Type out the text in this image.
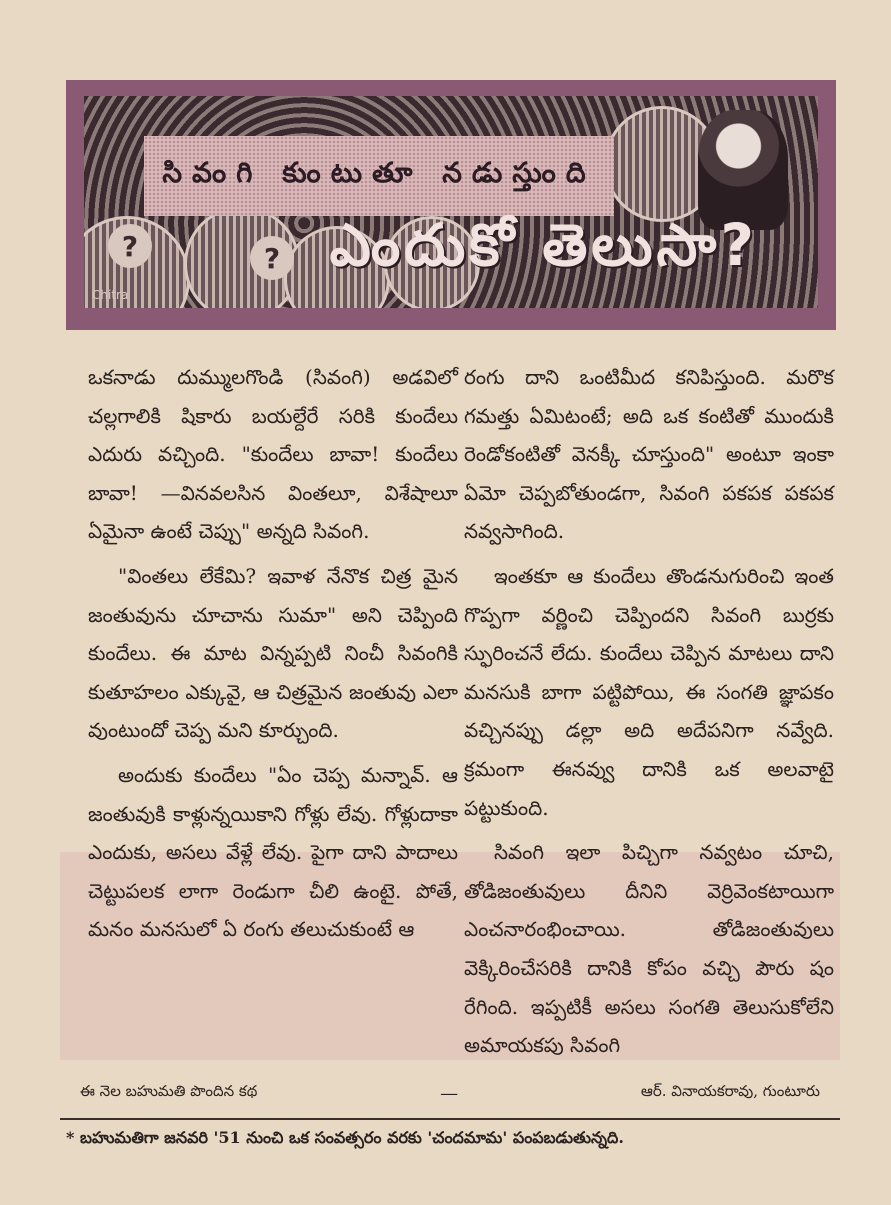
?	?
సివంగి కుంటుతూ నడుస్తుంది
ఎందుకో తెలుసా?
Chitra

ఒకనాడు దుమ్ములగొండి (సివంగి) అడవిలో చల్లగాలికి షికారు బయల్దేరే సరికి కుందేలు ఎదురు వచ్చింది. "కుందేలు బావా! కుందేలు బావా! —వినవలసిన వింతలూ, విశేషాలూ ఏమైనా ఉంటే చెప్పు" అన్నది సివంగి.

"వింతలు లేకేమి? ఇవాళ నేనొక చిత్ర మైన జంతువును చూచాను సుమా" అని చెప్పింది కుందేలు. ఈ మాట విన్నప్పటి నించీ సివంగికి కుతూహలం ఎక్కువై, ఆ చిత్రమైన జంతువు ఎలా వుంటుందో చెప్ప మని కూర్చుంది.

అందుకు కుందేలు "ఏం చెప్ప మన్నావ్. ఆ జంతువుకి కాళ్లున్నయికాని గోళ్లు లేవు. గోళ్లుదాకా ఎందుకు, అసలు వేళ్లే లేవు. పైగా దాని పాదాలు చెట్టుపలక లాగా రెండుగా చీలి ఉంటై. పోతే, మనం మనసులో ఏ రంగు తలుచుకుంటే ఆ

రంగు దాని ఒంటిమీద కనిపిస్తుంది. మరొక గమత్తు ఏమిటంటే; అది ఒక కంటితో ముందుకి రెండోకంటితో వెనక్కీ చూస్తుంది" అంటూ ఇంకా ఏమో చెప్పబోతుండగా, సివంగి పకపక పకపక నవ్వసాగింది.

ఇంతకూ ఆ కుందేలు తొండనుగురించి ఇంత గొప్పగా వర్ణించి చెప్పిందని సివంగి బుర్రకు స్ఫురించనే లేదు. కుందేలు చెప్పిన మాటలు దాని మనసుకి బాగా పట్టిపోయి, ఈ సంగతి జ్ఞాపకం వచ్చినప్పు డల్లా అది అదేపనిగా నవ్వేది. క్రమంగా ఈనవ్వు దానికి ఒక అలవాటై పట్టుకుంది.

సివంగి ఇలా పిచ్చిగా నవ్వటం చూచి, తోడిజంతువులు దీనిని వెర్రివెంకటాయిగా ఎంచనారంభించాయి. తోడిజంతువులు వెక్కిరించేసరికి దానికి కోపం వచ్చి పౌరు షం రేగింది. ఇప్పటికీ అసలు సంగతి తెలుసుకోలేని అమాయకపు సివంగి

ఈ నెల బహుమతి పొందిన కథ	—	ఆర్. వినాయకరావు, గుంటూరు
* బహుమతిగా జనవరి '51 నుంచి ఒక సంవత్సరం వరకు 'చందమామ' పంపబడుతున్నది.
